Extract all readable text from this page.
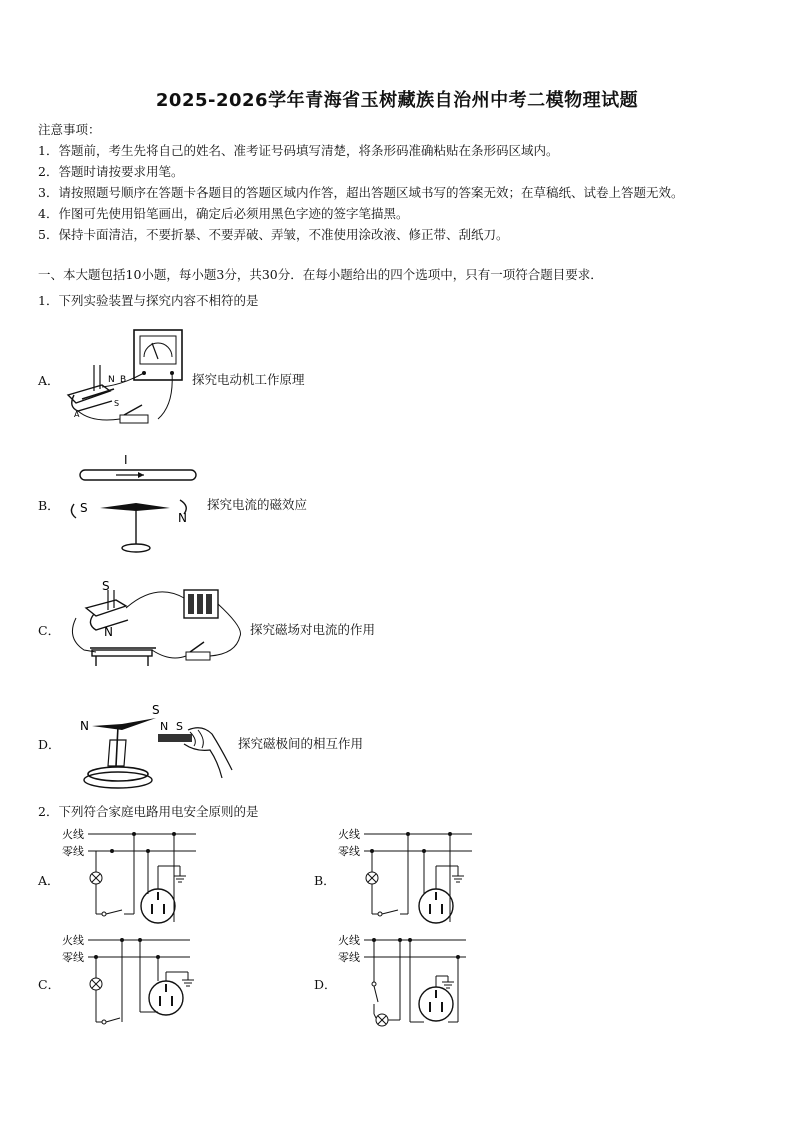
2025-2026学年青海省玉树藏族自治州中考二模物理试题
注意事项：
1．答题前，考生先将自己的姓名、准考证号码填写清楚，将条形码准确粘贴在条形码区域内。
2．答题时请按要求用笔。
3．请按照题号顺序在答题卡各题目的答题区域内作答，超出答题区域书写的答案无效；在草稿纸、试卷上答题无效。
4．作图可先使用铅笔画出，确定后必须用黑色字迹的签字笔描黑。
5．保持卡面清洁，不要折暴、不要弄破、弄皱，不准使用涂改液、修正带、刮纸刀。
一、本大题包括10小题，每小题3分，共30分．在每小题给出的四个选项中，只有一项符合题目要求．
1．下列实验装置与探究内容不相符的是
A．	N B
S
A
探究电动机工作原理
B．
I
S
N
探究电流的磁效应
C．
S
N	探究磁场对电流的作用
D．
N
S
N S
探究磁极间的相互作用
2．下列符合家庭电路用电安全原则的是
A．
火线
零线
B．
火线
零线
C．
火线
零线
D．
火线
零线
